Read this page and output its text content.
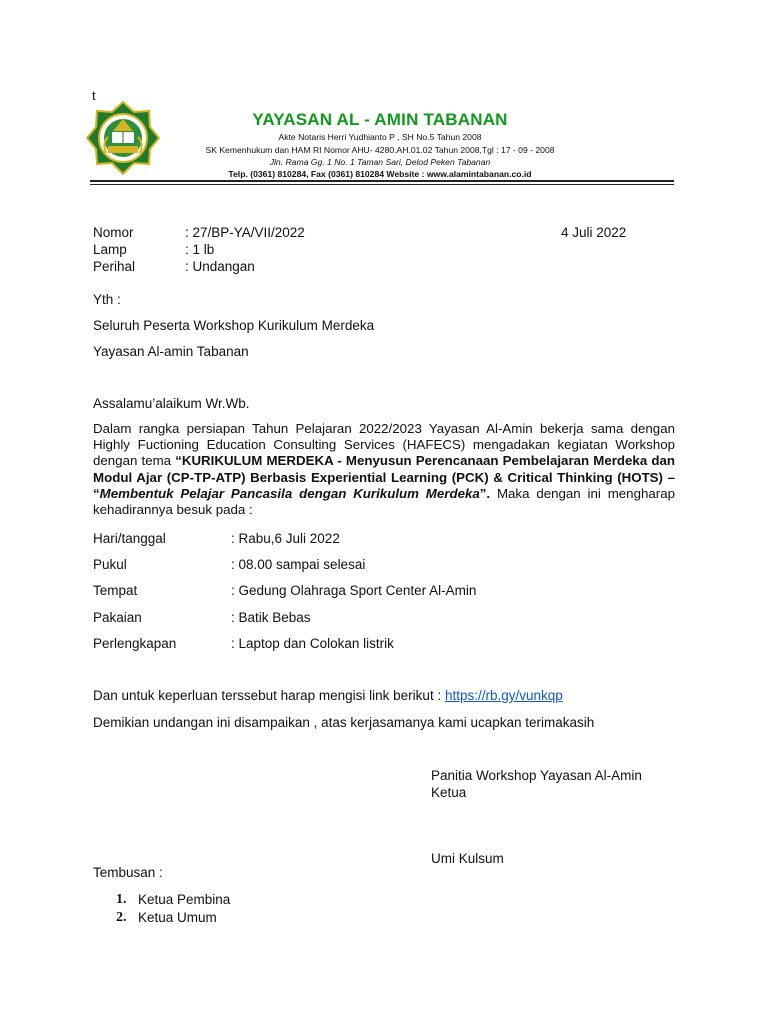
t
YAYASAN AL - AMIN TABANAN
Akte Notaris Herri Yudhianto P , SH No.5 Tahun 2008
SK Kemenhukum dan HAM RI Nomor AHU- 4280.AH.01.02 Tahun 2008,Tgl : 17 - 09 - 2008
Jln. Rama Gg. 1 No. 1 Taman Sari, Delod Peken Tabanan
Telp. (0361) 810284, Fax (0361) 810284 Website : www.alamintabanan.co.id
Nomor	: 27/BP-YA/VII/2022	4 Juli 2022
Lamp	: 1 lb
Perihal	: Undangan
Yth :
Seluruh Peserta Workshop Kurikulum Merdeka
Yayasan Al-amin Tabanan
Assalamu’alaikum Wr.Wb.
Dalam rangka persiapan Tahun Pelajaran 2022/2023 Yayasan Al-Amin bekerja sama dengan Highly Fuctioning Education Consulting Services (HAFECS) mengadakan kegiatan Workshop dengan tema “KURIKULUM MERDEKA - Menyusun Perencanaan Pembelajaran Merdeka dan Modul Ajar (CP-TP-ATP) Berbasis Experiential Learning (PCK) & Critical Thinking (HOTS) – “Membentuk Pelajar Pancasila dengan Kurikulum Merdeka”. Maka dengan ini mengharap kehadirannya besuk pada :
Hari/tanggal	: Rabu,6 Juli 2022
Pukul	: 08.00 sampai selesai
Tempat	: Gedung Olahraga Sport Center Al-Amin
Pakaian	: Batik Bebas
Perlengkapan	: Laptop dan Colokan listrik
Dan untuk keperluan terssebut harap mengisi link berikut : https://rb.gy/vunkqp
Demikian undangan ini disampaikan , atas kerjasamanya kami ucapkan terimakasih
Panitia Workshop Yayasan Al-Amin
Ketua
Umi Kulsum
Tembusan :
1. Ketua Pembina
2. Ketua Umum
